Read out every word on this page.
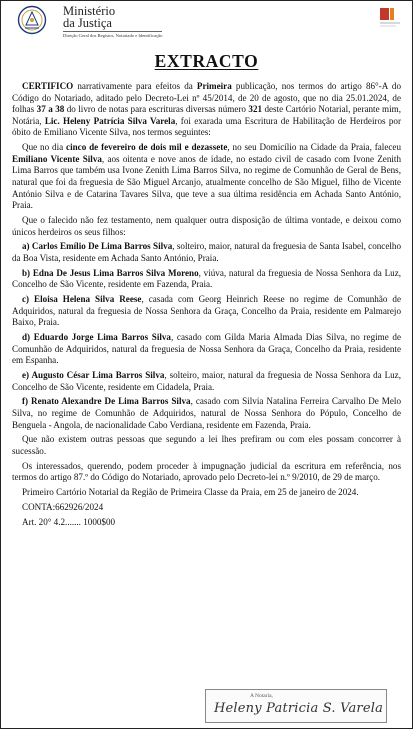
Ministério
da Justiça
Direção Geral dos Registos, Notariado e Identificação
EXTRACTO

CERTIFICO narrativamente para efeitos da Primeira publicação, nos termos do artigo 86°-A do Código do Notariado, aditado pelo Decreto-Lei nº 45/2014, de 20 de agosto, que no dia 25.01.2024, de folhas 37 a 38 do livro de notas para escrituras diversas número 321 deste Cartório Notarial, perante mim, Notária, Lic. Heleny Patrícia Silva Varela, foi exarada uma Escritura de Habilitação de Herdeiros por óbito de Emiliano Vicente Silva, nos termos seguintes:

Que no dia cinco de fevereiro de dois mil e dezassete, no seu Domicílio na Cidade da Praia, faleceu Emiliano Vicente Silva, aos oitenta e nove anos de idade, no estado civil de casado com Ivone Zenith Lima Barros que também usa Ivone Zenith Lima Barros Silva, no regime de Comunhão de Geral de Bens, natural que foi da freguesia de São Miguel Arcanjo, atualmente concelho de São Miguel, filho de Vicente António Silva e de Catarina Tavares Silva, que teve a sua última residência em Achada Santo António, Praia.

Que o falecido não fez testamento, nem qualquer outra disposição de última vontade, e deixou como únicos herdeiros os seus filhos:

a) Carlos Emílio De Lima Barros Silva, solteiro, maior, natural da freguesia de Santa Isabel, concelho da Boa Vista, residente em Achada Santo António, Praia.

b) Edna De Jesus Lima Barros Silva Moreno, viúva, natural da freguesia de Nossa Senhora da Luz, Concelho de São Vicente, residente em Fazenda, Praia.

c) Eloisa Helena Silva Reese, casada com Georg Heinrich Reese no regime de Comunhão de Adquiridos, natural da freguesia de Nossa Senhora da Graça, Concelho da Praia, residente em Palmarejo Baixo, Praia.

d) Eduardo Jorge Lima Barros Silva, casado com Gilda Maria Almada Dias Silva, no regime de Comunhão de Adquiridos, natural da freguesia de Nossa Senhora da Graça, Concelho da Praia, residente em Espanha.

e) Augusto César Lima Barros Silva, solteiro, maior, natural da freguesia de Nossa Senhora da Luz, Concelho de São Vicente, residente em Cidadela, Praia.

f) Renato Alexandre De Lima Barros Silva, casado com Silvia Natalina Ferreira Carvalho De Melo Silva, no regime de Comunhão de Adquiridos, natural de Nossa Senhora do Pópulo, Concelho de Benguela - Angola, de nacionalidade Cabo Verdiana, residente em Fazenda, Praia.

Que não existem outras pessoas que segundo a lei lhes prefiram ou com eles possam concorrer à sucessão.

Os interessados, querendo, podem proceder à impugnação judicial da escritura em referência, nos termos do artigo 87.º do Código do Notariado, aprovado pelo Decreto-lei n.º 9/2010, de 29 de março.

Primeiro Cartório Notarial da Região de Primeira Classe da Praia, em 25 de janeiro de 2024.

CONTA:662926/2024

Art. 20° 4.2....... 1000$00

A Notaria,
Heleny Patricia S. Varela
